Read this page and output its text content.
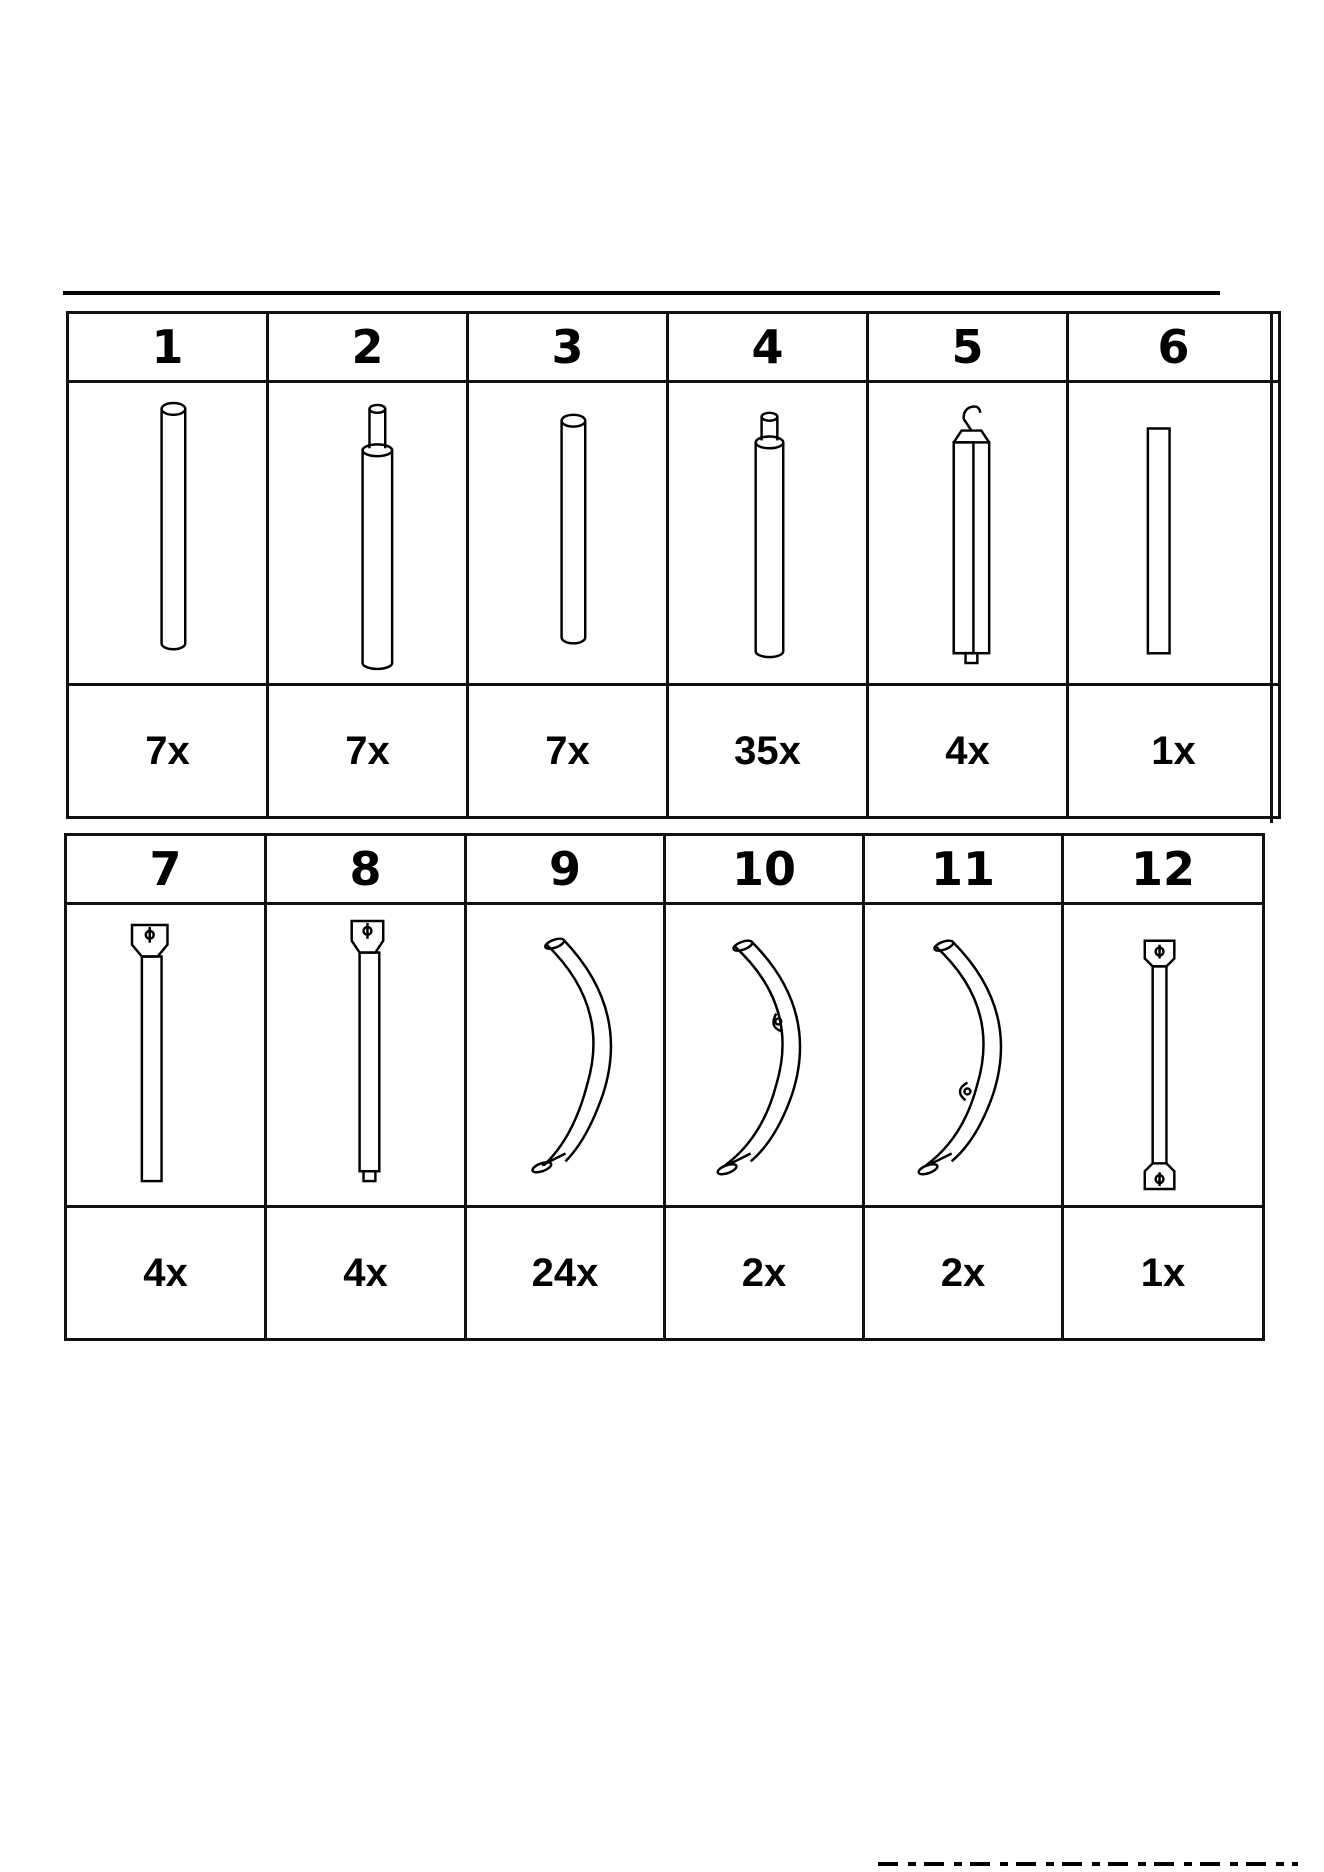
1	2	3	4	5	6

7x	7x	7x	35x	4x	1x
7	8	9	10	11	12

4x	4x	24x	2x	2x	1x
